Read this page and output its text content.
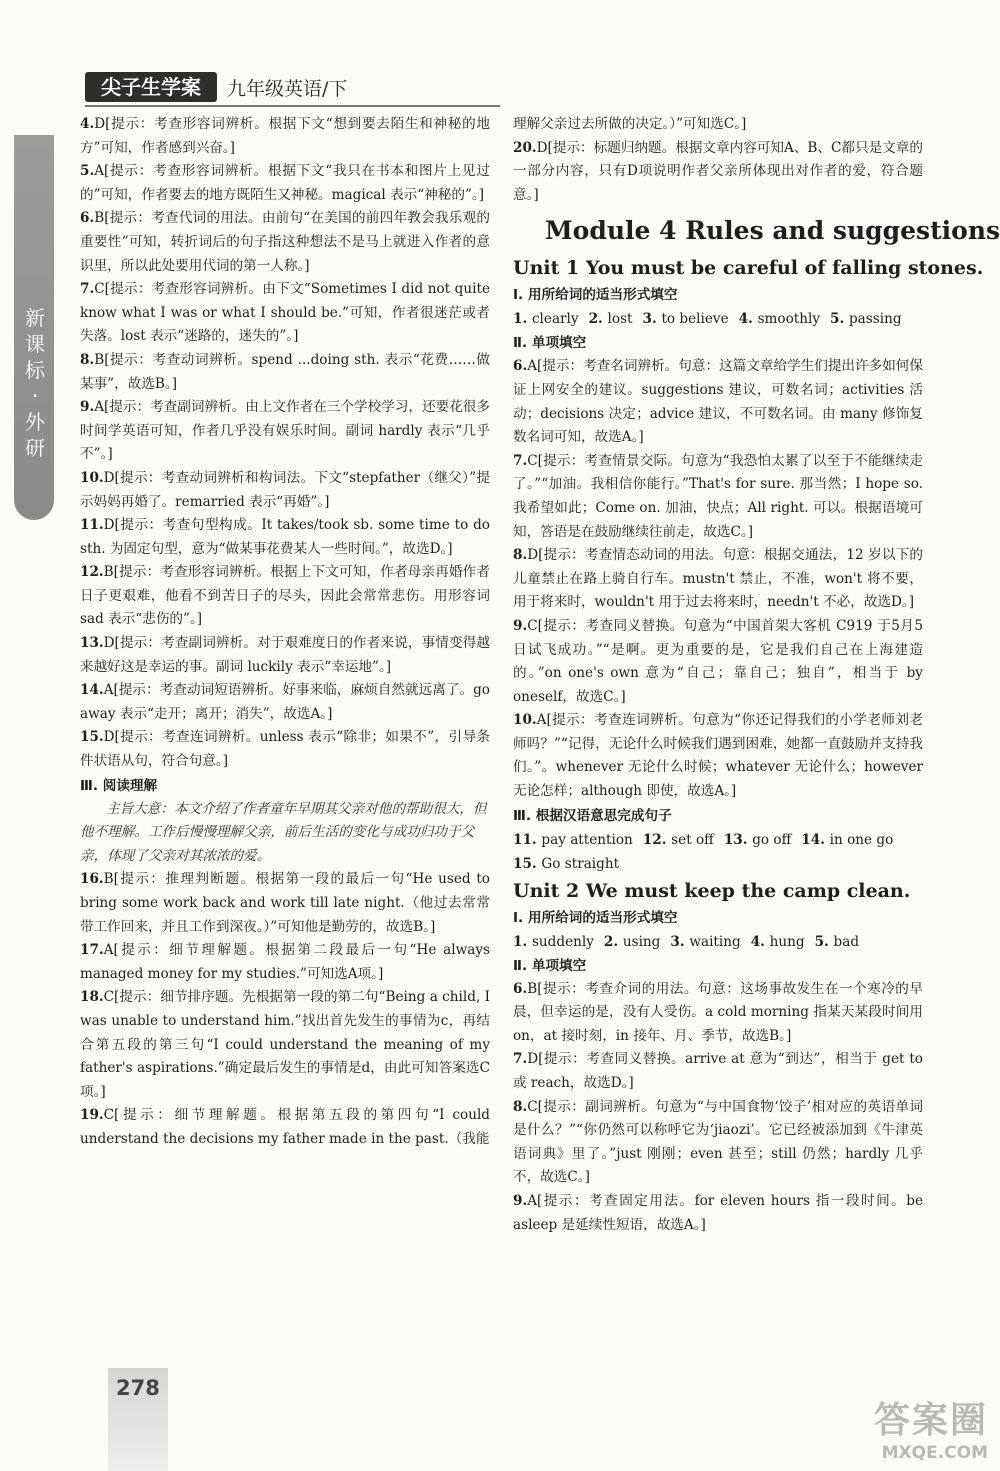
新
课
标
·
外
研
尖子生学案	九年级英语/下
4.D[提示：考查形容词辨析。根据下文“想到要去陌生和神秘的地方”可知，作者感到兴奋。]
5.A[提示：考查形容词辨析。根据下文“我只在书本和图片上见过的”可知，作者要去的地方既陌生又神秘。magical 表示“神秘的”。]
6.B[提示：考查代词的用法。由前句“在美国的前四年教会我乐观的重要性”可知，转折词后的句子指这种想法不是马上就进入作者的意识里，所以此处要用代词的第一人称。]
7.C[提示：考查形容词辨析。由下文“Sometimes I did not quite know what I was or what I should be.”可知，作者很迷茫或者失落。lost 表示“迷路的，迷失的”。]
8.B[提示：考查动词辨析。spend ...doing sth. 表示“花费……做某事”，故选B。]
9.A[提示：考查副词辨析。由上文作者在三个学校学习，还要花很多时间学英语可知，作者几乎没有娱乐时间。副词 hardly 表示“几乎不”。]
10.D[提示：考查动词辨析和构词法。下文“stepfather（继父）”提示妈妈再婚了。remarried 表示“再婚”。]
11.D[提示：考查句型构成。It takes/took sb. some time to do sth. 为固定句型，意为“做某事花费某人一些时间。”，故选D。]
12.B[提示：考查形容词辨析。根据上下文可知，作者母亲再婚作者日子更艰难，他看不到苦日子的尽头，因此会常常悲伤。用形容词 sad 表示“悲伤的”。]
13.D[提示：考查副词辨析。对于艰难度日的作者来说，事情变得越来越好这是幸运的事。副词 luckily 表示“幸运地”。]
14.A[提示：考查动词短语辨析。好事来临，麻烦自然就远离了。go away 表示“走开；离开；消失”，故选A。]
15.D[提示：考查连词辨析。unless 表示“除非；如果不”，引导条件状语从句，符合句意。]
Ⅲ. 阅读理解
主旨大意：本文介绍了作者童年早期其父亲对他的帮助很大，但他不理解。工作后慢慢理解父亲，前后生活的变化与成功归功于父亲，体现了父亲对其浓浓的爱。
16.B[提示：推理判断题。根据第一段的最后一句“He used to bring some work back and work till late night.（他过去常常带工作回来，并且工作到深夜。）”可知他是勤劳的，故选B。]
17.A[提示：细节理解题。根据第二段最后一句“He always managed money for my studies.”可知选A项。]
18.C[提示：细节排序题。先根据第一段的第二句“Being a child, I was unable to understand him.”找出首先发生的事情为c，再结合第五段的第三句“I could understand the meaning of my father's aspirations.”确定最后发生的事情是d，由此可知答案选C项。]
19.C[提示：细节理解题。根据第五段的第四句“I could understand the decisions my father made in the past.（我能
理解父亲过去所做的决定。）”可知选C。]
20.D[提示：标题归纳题。根据文章内容可知A、B、C都只是文章的一部分内容，只有D项说明作者父亲所体现出对作者的爱，符合题意。]
Module 4 Rules and suggestions
Unit 1 You must be careful of falling stones.
Ⅰ. 用所给词的适当形式填空
1. clearly 2. lost 3. to believe 4. smoothly 5. passing
Ⅱ. 单项填空
6.A[提示：考查名词辨析。句意：这篇文章给学生们提出许多如何保证上网安全的建议。suggestions 建议，可数名词；activities 活动；decisions 决定；advice 建议，不可数名词。由 many 修饰复数名词可知，故选A。]
7.C[提示：考查情景交际。句意为“我恐怕太累了以至于不能继续走了。”“加油。我相信你能行。”That's for sure. 那当然；I hope so. 我希望如此；Come on. 加油，快点；All right. 可以。根据语境可知，答语是在鼓励继续往前走，故选C。]
8.D[提示：考查情态动词的用法。句意：根据交通法，12 岁以下的儿童禁止在路上骑自行车。mustn't 禁止，不准，won't 将不要，用于将来时，wouldn't 用于过去将来时，needn't 不必，故选D。]
9.C[提示：考查同义替换。句意为“中国首架大客机 C919 于5月5日试飞成功。”“是啊。更为重要的是，它是我们自己在上海建造的。”on one's own 意为“自己；靠自己；独自”，相当于 by oneself，故选C。]
10.A[提示：考查连词辨析。句意为“你还记得我们的小学老师刘老师吗？”“记得，无论什么时候我们遇到困难，她都一直鼓励并支持我们。”。whenever 无论什么时候；whatever 无论什么；however 无论怎样；although 即使，故选A。]
Ⅲ. 根据汉语意思完成句子
11. pay attention 12. set off 13. go off 14. in one go
15. Go straight
Unit 2 We must keep the camp clean.
Ⅰ. 用所给词的适当形式填空
1. suddenly 2. using 3. waiting 4. hung 5. bad
Ⅱ. 单项填空
6.B[提示：考查介词的用法。句意：这场事故发生在一个寒冷的早晨，但幸运的是，没有人受伤。a cold morning 指某天某段时间用 on，at 接时刻，in 接年、月、季节，故选B。]
7.D[提示：考查同义替换。arrive at 意为“到达”，相当于 get to 或 reach，故选D。]
8.C[提示：副词辨析。句意为“与中国食物‘饺子’相对应的英语单词是什么？”“你仍然可以称呼它为‘jiaozi’。它已经被添加到《牛津英语词典》里了。”just 刚刚；even 甚至；still 仍然；hardly 几乎不，故选C。]
9.A[提示：考查固定用法。for eleven hours 指一段时间。be asleep 是延续性短语，故选A。]
278
答案圈
MXQE.COM
